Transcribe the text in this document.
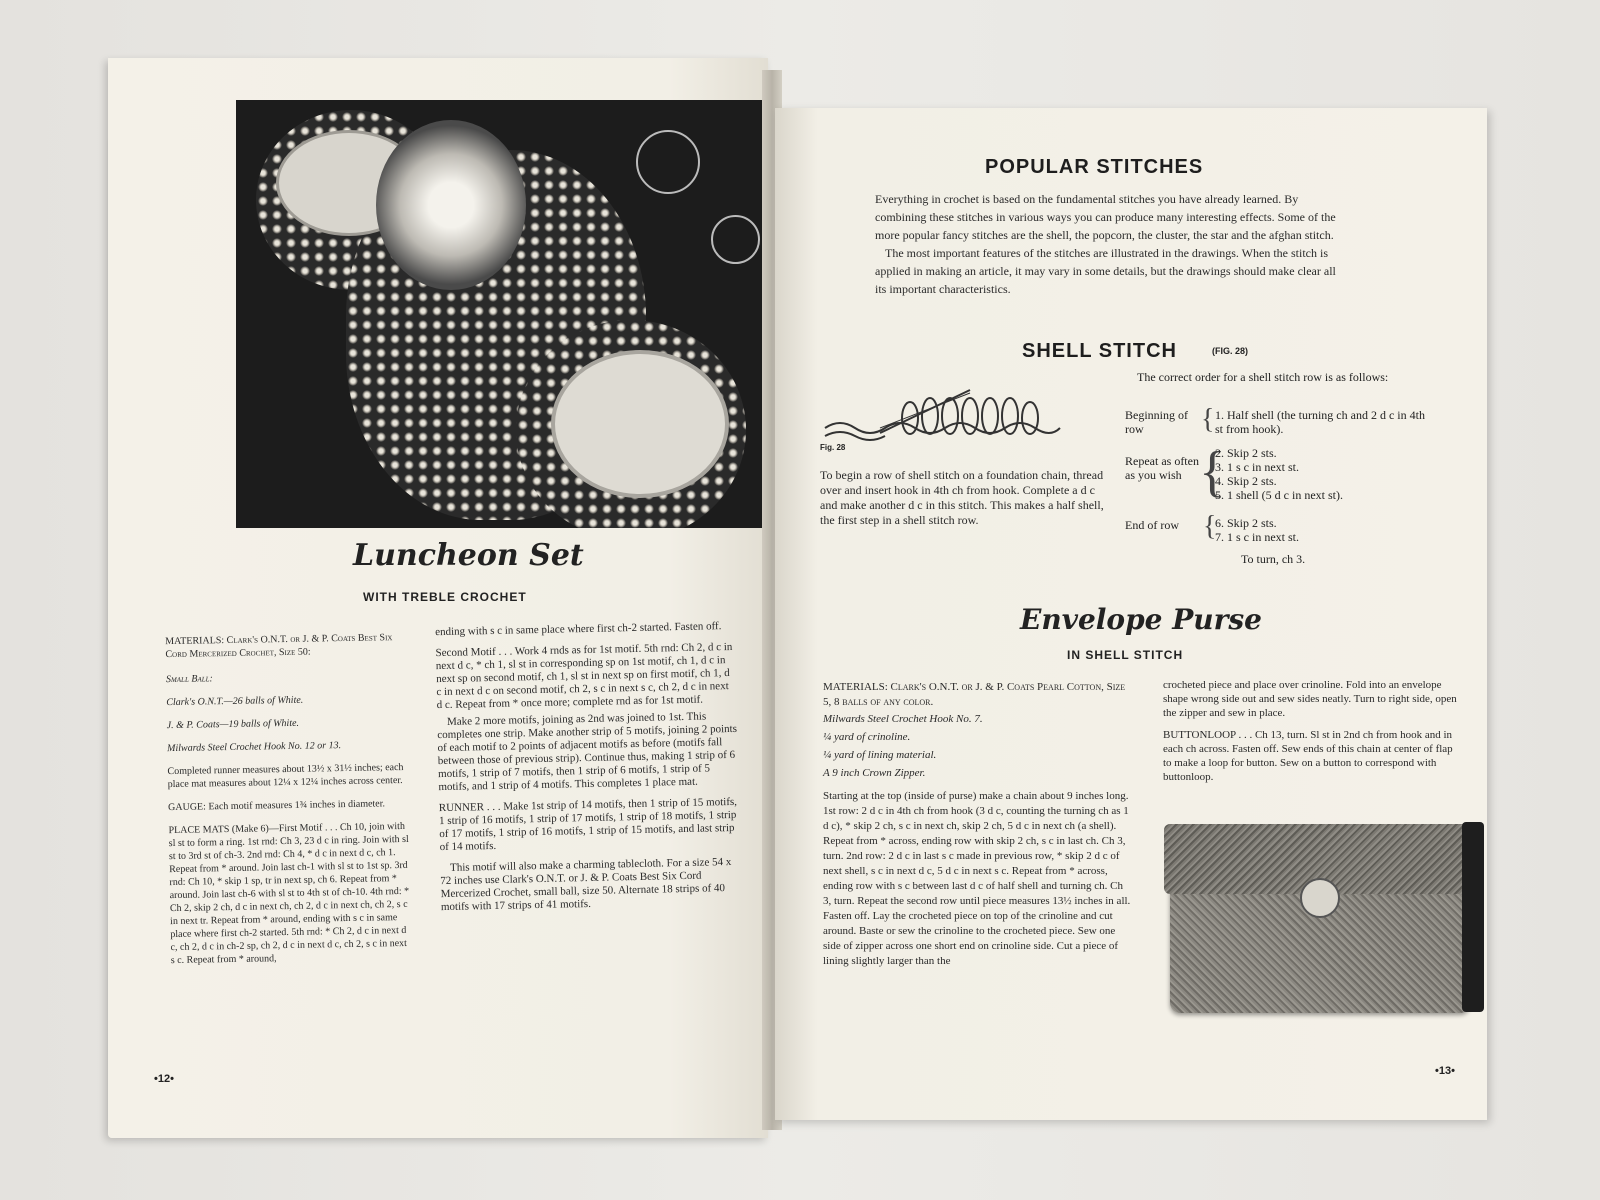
Luncheon Set
WITH TREBLE CROCHET
MATERIALS: Clark's O.N.T. or J. & P. Coats Best Six Cord Mercerized Crochet, Size 50:
Small Ball:
Clark's O.N.T.—26 balls of White.
J. & P. Coats—19 balls of White.
Milwards Steel Crochet Hook No. 12 or 13.
Completed runner measures about 13½ x 31½ inches; each place mat measures about 12¼ x 12¼ inches across center.
GAUGE: Each motif measures 1¾ inches in diameter.
PLACE MATS (Make 6)—First Motif . . . Ch 10, join with sl st to form a ring. 1st rnd: Ch 3, 23 d c in ring. Join with sl st to 3rd st of ch-3. 2nd rnd: Ch 4, * d c in next d c, ch 1. Repeat from * around. Join last ch-1 with sl st to 1st sp. 3rd rnd: Ch 10, * skip 1 sp, tr in next sp, ch 6. Repeat from * around. Join last ch-6 with sl st to 4th st of ch-10. 4th rnd: * Ch 2, skip 2 ch, d c in next ch, ch 2, d c in next ch, ch 2, s c in next tr. Repeat from * around, ending with s c in same place where first ch-2 started. 5th rnd: * Ch 2, d c in next d c, ch 2, d c in ch-2 sp, ch 2, d c in next d c, ch 2, s c in next s c. Repeat from * around,
ending with s c in same place where first ch-2 started. Fasten off.
Second Motif . . . Work 4 rnds as for 1st motif. 5th rnd: Ch 2, d c in next d c, * ch 1, sl st in corresponding sp on 1st motif, ch 1, d c in next sp on second motif, ch 1, sl st in next sp on first motif, ch 1, d c in next d c on second motif, ch 2, s c in next s c, ch 2, d c in next d c. Repeat from * once more; complete rnd as for 1st motif.
Make 2 more motifs, joining as 2nd was joined to 1st. This completes one strip. Make another strip of 5 motifs, joining 2 points of each motif to 2 points of adjacent motifs as before (motifs fall between those of previous strip). Continue thus, making 1 strip of 6 motifs, 1 strip of 7 motifs, then 1 strip of 6 motifs, 1 strip of 5 motifs, and 1 strip of 4 motifs. This completes 1 place mat.
RUNNER . . . Make 1st strip of 14 motifs, then 1 strip of 15 motifs, 1 strip of 16 motifs, 1 strip of 17 motifs, 1 strip of 18 motifs, 1 strip of 17 motifs, 1 strip of 16 motifs, 1 strip of 15 motifs, and last strip of 14 motifs.
This motif will also make a charming tablecloth. For a size 54 x 72 inches use Clark's O.N.T. or J. & P. Coats Best Six Cord Mercerized Crochet, small ball, size 50. Alternate 18 strips of 40 motifs with 17 strips of 41 motifs.
•12•
POPULAR STITCHES
Everything in crochet is based on the fundamental stitches you have already learned. By combining these stitches in various ways you can produce many interesting effects. Some of the more popular fancy stitches are the shell, the popcorn, the cluster, the star and the afghan stitch.
The most important features of the stitches are illustrated in the drawings. When the stitch is applied in making an article, it may vary in some details, but the drawings should make clear all its important characteristics.
SHELL STITCH	(FIG. 28)
Fig. 28
To begin a row of shell stitch on a foundation chain, thread over and insert hook in 4th ch from hook. Complete a d c and make another d c in this stitch. This makes a half shell, the first step in a shell stitch row.
The correct order for a shell stitch row is as follows:
Beginning of row	{ 1. Half shell (the turning ch and 2 d c in 4th st from hook).
Repeat as often as you wish {
2. Skip 2 sts.
3. 1 s c in next st.
4. Skip 2 sts.
5. 1 shell (5 d c in next st).
End of row {
6. Skip 2 sts.
7. 1 s c in next st.
To turn, ch 3.
Envelope Purse
IN SHELL STITCH
MATERIALS: Clark's O.N.T. or J. & P. Coats Pearl Cotton, Size 5, 8 balls of any color.
Milwards Steel Crochet Hook No. 7.
¼ yard of crinoline.
¼ yard of lining material.
A 9 inch Crown Zipper.
Starting at the top (inside of purse) make a chain about 9 inches long. 1st row: 2 d c in 4th ch from hook (3 d c, counting the turning ch as 1 d c), * skip 2 ch, s c in next ch, skip 2 ch, 5 d c in next ch (a shell). Repeat from * across, ending row with skip 2 ch, s c in last ch. Ch 3, turn. 2nd row: 2 d c in last s c made in previous row, * skip 2 d c of next shell, s c in next d c, 5 d c in next s c. Repeat from * across, ending row with s c between last d c of half shell and turning ch. Ch 3, turn. Repeat the second row until piece measures 13½ inches in all. Fasten off. Lay the crocheted piece on top of the crinoline and cut around. Baste or sew the crinoline to the crocheted piece. Sew one side of zipper across one short end on crinoline side. Cut a piece of lining slightly larger than the
crocheted piece and place over crinoline. Fold into an envelope shape wrong side out and sew sides neatly. Turn to right side, open the zipper and sew in place.
BUTTONLOOP . . . Ch 13, turn. Sl st in 2nd ch from hook and in each ch across. Fasten off. Sew ends of this chain at center of flap to make a loop for button. Sew on a button to correspond with buttonloop.
•13•
